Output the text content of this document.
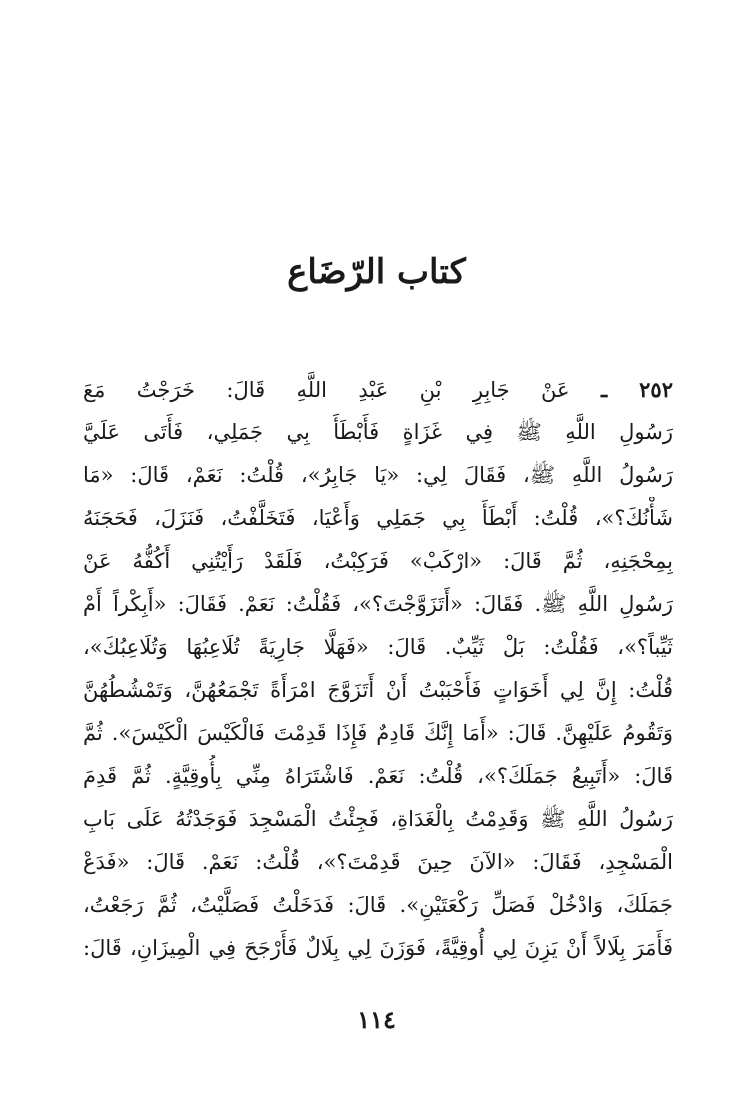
كتاب الرّضَاع
٢٥٢ ـ عَنْ جَابِرِ بْنِ عَبْدِ اللَّهِ قَالَ: خَرَجْتُ مَعَ
رَسُولِ اللَّهِ ﷺ فِي غَزَاةٍ فَأَبْطَأَ بِي جَمَلِي، فَأَتَى عَلَيَّ
رَسُولُ اللَّهِ ﷺ، فَقَالَ لِي: «يَا جَابِرُ»، قُلْتُ: نَعَمْ، قَالَ: «مَا
شَأْنُكَ؟»، قُلْتُ: أَبْطَأَ بِي جَمَلِي وَأَعْيَا، فَتَخَلَّفْتُ، فَنَزَلَ، فَحَجَنَهُ
بِمِحْجَنِهِ، ثُمَّ قَالَ: «ارْكَبْ» فَرَكِبْتُ، فَلَقَدْ رَأَيْتُنِي أَكُفُّهُ عَنْ
رَسُولِ اللَّهِ ﷺ. فَقَالَ: «أَتَزَوَّجْتَ؟»، فَقُلْتُ: نَعَمْ. فَقَالَ: «أَبِكْراً أَمْ
ثَيِّباً؟»، فَقُلْتُ: بَلْ ثَيِّبٌ. قَالَ: «فَهَلَّا جَارِيَةً تُلَاعِبُهَا وَتُلَاعِبُكَ»،
قُلْتُ: إِنَّ لِي أَخَوَاتٍ فَأَحْبَبْتُ أَنْ أَتَزَوَّجَ امْرَأَةً تَجْمَعُهُنَّ، وَتَمْشُطُهُنَّ
وَتَقُومُ عَلَيْهِنَّ. قَالَ: «أَمَا إِنَّكَ قَادِمٌ فَإِذَا قَدِمْتَ فَالْكَيْسَ الْكَيْسَ». ثُمَّ
قَالَ: «أَتَبِيعُ جَمَلَكَ؟»، قُلْتُ: نَعَمْ. فَاشْتَرَاهُ مِنِّي بِأُوقِيَّةٍ. ثُمَّ قَدِمَ
رَسُولُ اللَّهِ ﷺ وَقَدِمْتُ بِالْغَدَاةِ، فَجِئْتُ الْمَسْجِدَ فَوَجَدْتُهُ عَلَى بَابِ
الْمَسْجِدِ، فَقَالَ: «الآنَ حِينَ قَدِمْتَ؟»، قُلْتُ: نَعَمْ. قَالَ: «فَدَعْ
جَمَلَكَ، وَادْخُلْ فَصَلِّ رَكْعَتَيْنِ». قَالَ: فَدَخَلْتُ فَصَلَّيْتُ، ثُمَّ رَجَعْتُ،
فَأَمَرَ بِلَالاً أَنْ يَزِنَ لِي أُوقِيَّةً، فَوَزَنَ لِي بِلَالٌ فَأَرْجَحَ فِي الْمِيزَانِ، قَالَ:
١١٤
